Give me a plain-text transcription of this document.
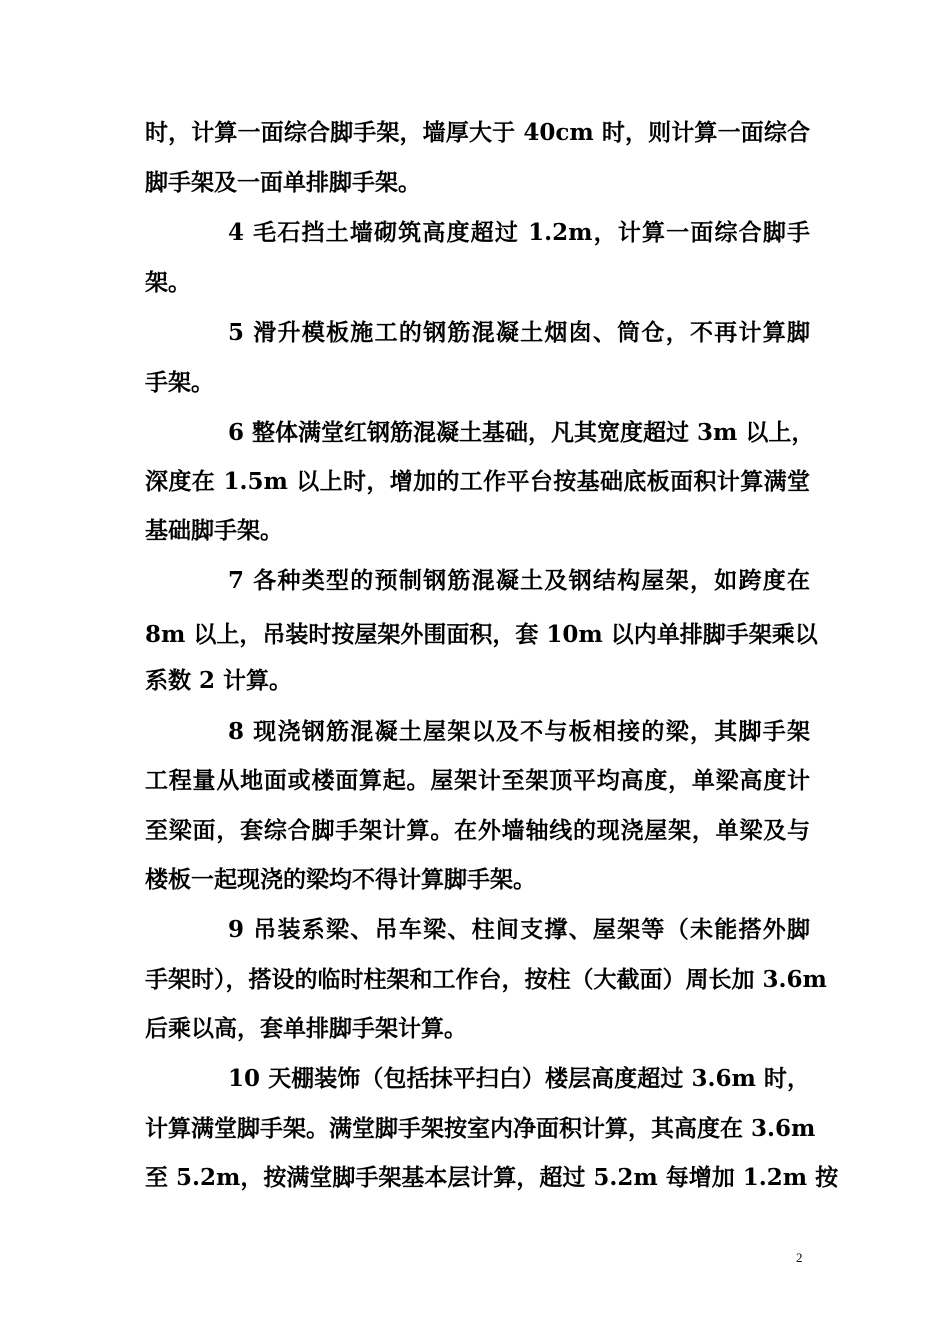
时，计算一面综合脚手架，墙厚大于 40cm 时，则计算一面综合
脚手架及一面单排脚手架。
4 毛石挡土墙砌筑高度超过 1.2m，计算一面综合脚手
架。
5 滑升模板施工的钢筋混凝土烟囱、筒仓，不再计算脚
手架。
6 整体满堂红钢筋混凝土基础，凡其宽度超过 3m 以上，
深度在 1.5m 以上时，增加的工作平台按基础底板面积计算满堂
基础脚手架。
7 各种类型的预制钢筋混凝土及钢结构屋架，如跨度在
8m 以上，吊装时按屋架外围面积，套 10m 以内单排脚手架乘以
系数 2 计算。
8 现浇钢筋混凝土屋架以及不与板相接的梁，其脚手架
工程量从地面或楼面算起。屋架计至架顶平均高度，单梁高度计
至梁面，套综合脚手架计算。在外墙轴线的现浇屋架，单梁及与
楼板一起现浇的梁均不得计算脚手架。
9 吊装系梁、吊车梁、柱间支撑、屋架等（未能搭外脚
手架时），搭设的临时柱架和工作台，按柱（大截面）周长加 3.6m
后乘以高，套单排脚手架计算。
10 天棚装饰（包括抹平扫白）楼层高度超过 3.6m 时，
计算满堂脚手架。满堂脚手架按室内净面积计算，其高度在 3.6m
至 5.2m，按满堂脚手架基本层计算，超过 5.2m 每增加 1.2m 按
2
